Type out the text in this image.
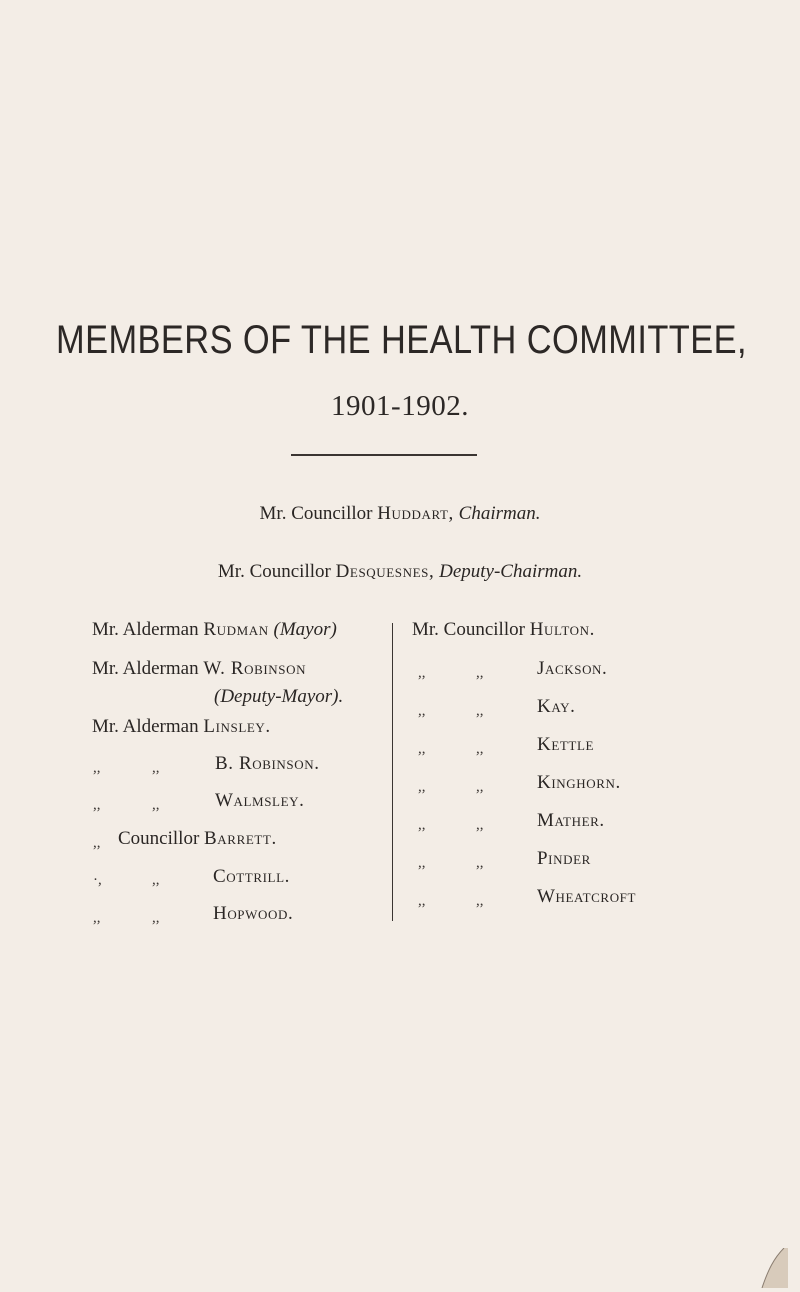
MEMBERS OF THE HEALTH COMMITTEE,
1901-1902.
Mr. Councillor Huddart, Chairman.
Mr. Councillor Desquesnes, Deputy-Chairman.
Mr. Alderman Rudman (Mayor)
Mr. Alderman W. Robinson
(Deputy-Mayor).
Mr. Alderman Linsley.
,,	,,	B. Robinson.
,,	,,	Walmsley.
,, Councillor Barrett.
·,	,,	Cottrill.
,,	,,	Hopwood.
Mr. Councillor Hulton.
,,	,,	Jackson.
,,	,,	Kay.
,,	,,	Kettle
,,	,,	Kinghorn.
,,	,,	Mather.
,,	,,	Pinder
,,	,,	Wheatcroft
